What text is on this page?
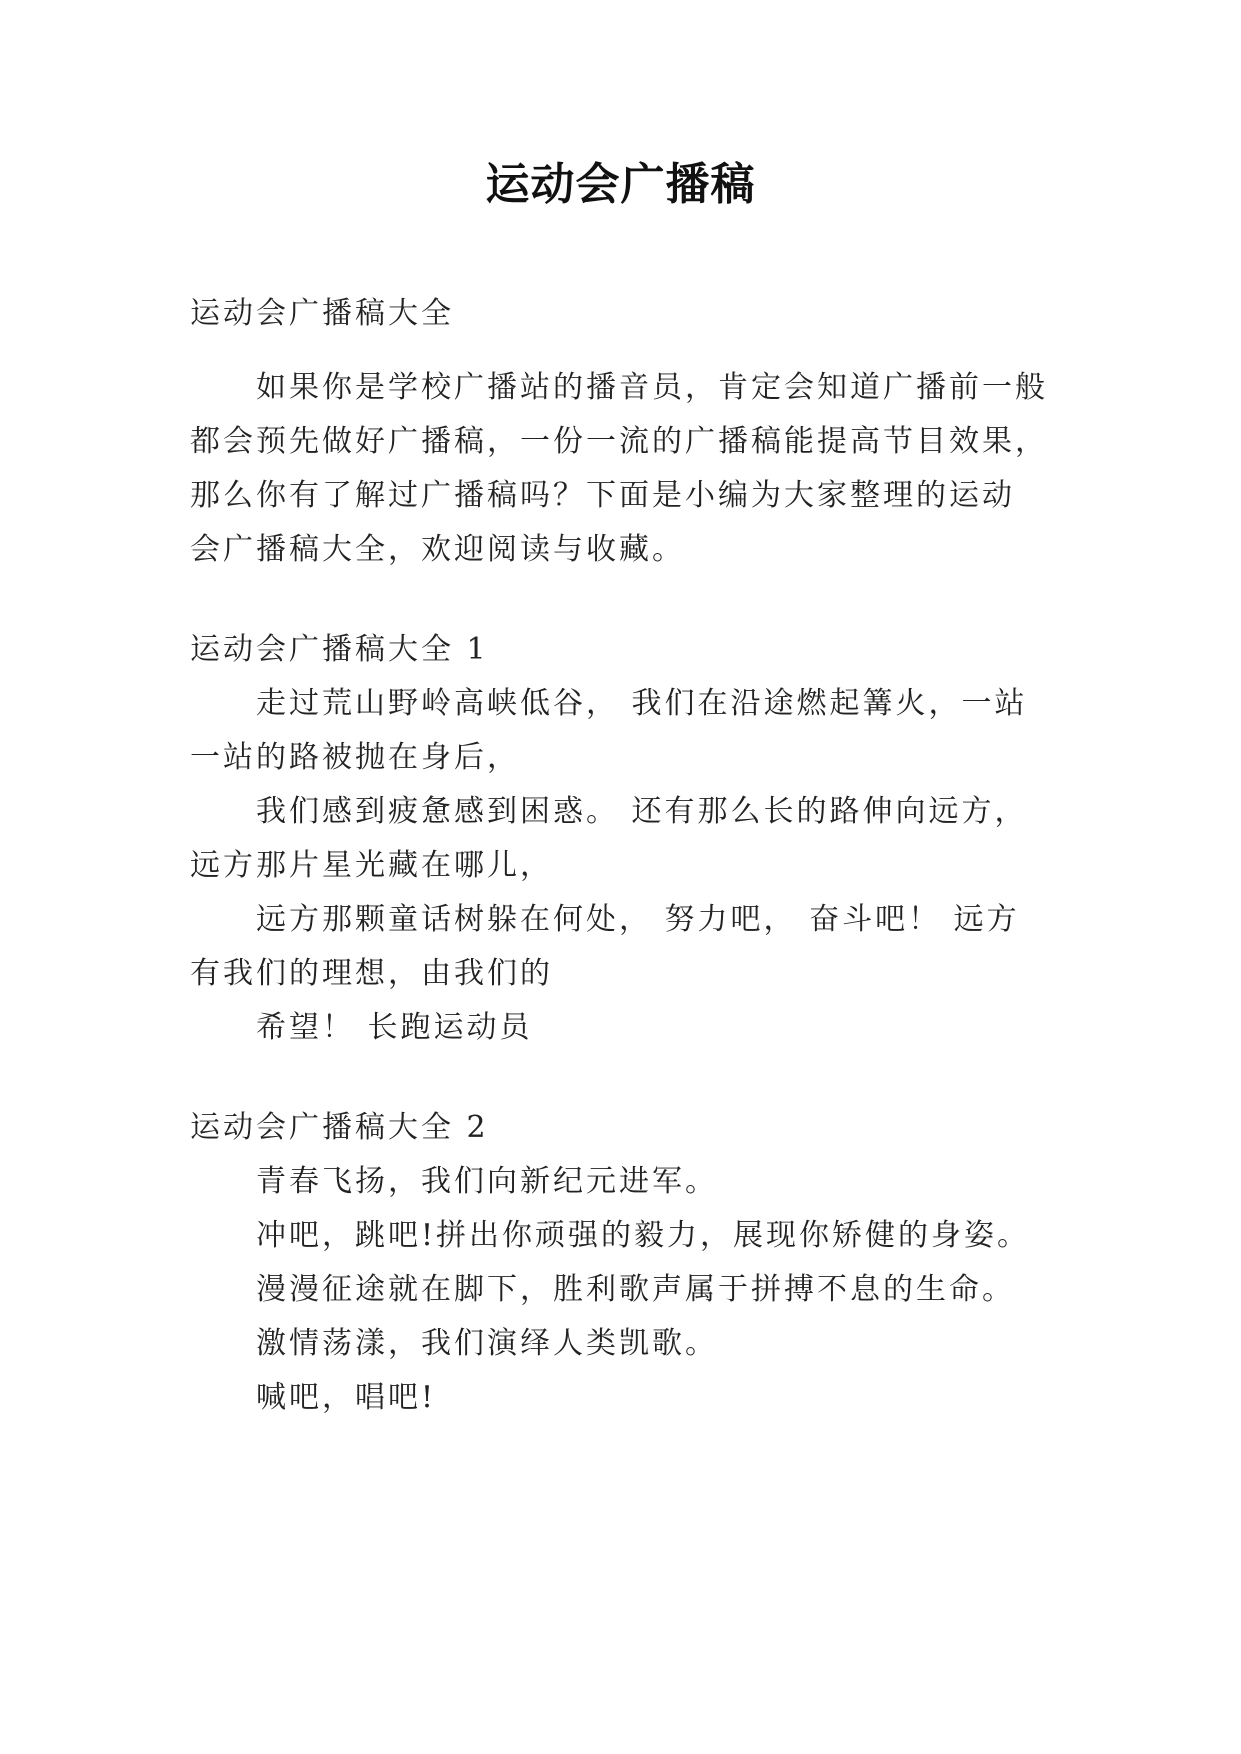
运动会广播稿
运动会广播稿大全
如果你是学校广播站的播音员，肯定会知道广播前一般
都会预先做好广播稿，一份一流的广播稿能提高节目效果，
那么你有了解过广播稿吗？下面是小编为大家整理的运动
会广播稿大全，欢迎阅读与收藏。
运动会广播稿大全 1
走过荒山野岭高峡低谷， 我们在沿途燃起篝火，一站
一站的路被抛在身后，
我们感到疲惫感到困惑。 还有那么长的路伸向远方，
远方那片星光藏在哪儿，
远方那颗童话树躲在何处， 努力吧， 奋斗吧！ 远方
有我们的理想，由我们的
希望！ 长跑运动员
运动会广播稿大全 2
青春飞扬，我们向新纪元进军。
冲吧，跳吧!拼出你顽强的毅力，展现你矫健的身姿。
漫漫征途就在脚下，胜利歌声属于拼搏不息的生命。
激情荡漾，我们演绎人类凯歌。
喊吧，唱吧!
